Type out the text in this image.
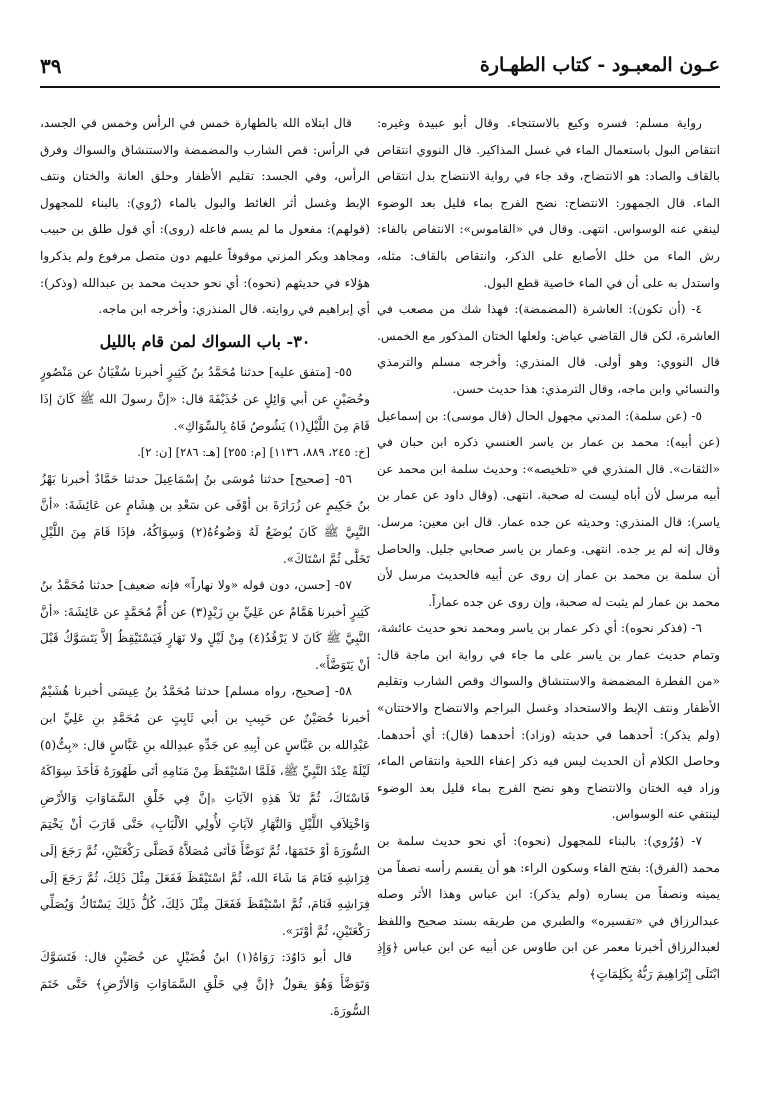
عـون المعبـود - كتاب الطهـارة
٣٩

رواية مسلم: فسره وكيع بالاستنجاء. وقال أبو عبيدة وغيره: انتقاص البول باستعمال الماء في غسل المذاكير. قال النووي انتقاص بالقاف والصاد: هو الانتضاح، وقد جاء في رواية الانتضاح بدل انتقاص الماء. قال الجمهور: الانتضاح: نضح الفرج بماء قليل بعد الوضوء لينفي عنه الوسواس. انتهى. وقال في «القاموس»: الانتفاص بالفاء: رش الماء من خلل الأصابع على الذكر، وانتقاص بالقاف: مثله، واستدل به على أن في الماء خاصية قطع البول.

٤- (أن تكون): العاشرة (المضمضة): فهذا شك من مصعب في العاشرة، لكن قال القاضي عياض: ولعلها الختان المذكور مع الخمس. قال النووي: وهو أولى. قال المنذري: وأخرجه مسلم والترمذي والنسائي وابن ماجه، وقال الترمذي: هذا حديث حسن.

٥- (عن سلمة): المدني مجهول الحال (قال موسى): بن إسماعيل (عن أبيه): محمد بن عمار بن ياسر العنسي ذكره ابن حبان في «الثقات». قال المنذري في «تلخيصه»: وحديث سلمة ابن محمد عن أبيه مرسل لأن أباه ليست له صحبة. انتهى. (وقال داود عن عمار بن ياسر): قال المنذري: وحديثه عن جده عمار. قال ابن معين: مرسل. وقال إنه لم ير جده. انتهى. وعمار بن ياسر صحابي جليل. والحاصل أن سلمة بن محمد بن عمار إن روى عن أبيه فالحديث مرسل لأن محمد بن عمار لم يثبت له صحبة، وإن روى عن جده عماراً.

٦- (فذكر نحوه): أي ذكر عمار بن ياسر ومحمد نحو حديث عائشة، وتمام حديث عمار بن ياسر على ما جاء في رواية ابن ماجة قال: «من الفطرة المضمضة والاستنشاق والسواك وقص الشارب وتقليم الأظفار ونتف الإبط والاستحداد وغسل البراجم والانتضاح والاختتان» (ولم يذكر): أحدهما في حديثه (وزاد): أحدهما (قال): أي أحدهما. وحاصل الكلام أن الحديث ليس فيه ذكر إعفاء اللحية وانتقاص الماء، وزاد فيه الختان والانتضاح وهو نضح الفرج بماء قليل بعد الوضوء لينتفي عنه الوسواس.

٧- (وُرُوي): بالبناء للمجهول (نحوه): أي نحو حديث سلمة بن محمد (الفرق): بفتح الفاء وسكون الراء: هو أن يقسم رأسه نصفاً من يمينه ونصفاً من يساره (ولم يذكر): ابن عباس وهذا الأثر وصله عبدالرزاق في «تفسيره» والطبري من طريقه بسند صحيح واللفظ لعبدالرزاق أخبرنا معمر عن ابن طاوس عن أبيه عن ابن عباس ﴿وَإِذِ ابْتَلَى إِبْرَاهِيمَ رَبُّهُ بِكَلِمَاتٍ﴾

قال ابتلاه الله بالطهارة خمس في الرأس وخمس في الجسد، في الرأس: قص الشارب والمضمضة والاستنشاق والسواك وفرق الرأس، وفي الجسد: تقليم الأظفار وحلق العانة والختان ونتف الإبط وغسل أثر الغائط والبول بالماء (رُوي): بالبناء للمجهول (قولهم): مفعول ما لم يسم فاعله (روى): أي قول طلق بن حبيب ومجاهد وبكر المزني موقوفاً عليهم دون متصل مرفوع ولم يذكروا هؤلاء في حديثهم (نحوه): أي نحو حديث محمد بن عبدالله (وذكر): أي إبراهيم في روايته. قال المنذري: وأخرجه ابن ماجه.

٣٠- باب السواك لمن قام بالليل

٥٥- [متفق عليه] حدثنا مُحَمَّدُ بنُ كَثِيرٍ أخبرنا سُفْيَانُ عن مَنْصُورٍ وحُصَيْنٍ عن أبي وَائِلٍ عن حُذَيْفَةَ قال: «إنَّ رسولَ الله ﷺ كَانَ إذَا قَامَ مِنَ اللَّيْلِ(١) يَشُوصُ فَاهُ بِالسِّوَاكِ».

[خ: ٢٤٥، ٨٨٩، ١١٣٦] [م: ٢٥٥] [هـ: ٢٨٦] [ن: ٢].

٥٦- [صحيح] حدثنا مُوسَى بنُ إسْمَاعِيلَ حدثنا حَمَّادٌ أخبرنا بَهْزُ بنُ حَكِيمٍ عن زُرَارَةَ بن أوْفَى عن سَعْدِ بن هِشَامٍ عن عَائِشَةَ: «أنَّ النَّبِيَّ ﷺ كَانَ يُوضَعُ لَهُ وَضُوءُهُ(٢) وَسِوَاكُهُ، فإذَا قَامَ مِنَ اللَّيْلِ تَخَلَّى ثُمَّ اسْتَاكَ».

٥٧- [حسن، دون قوله «ولا نهاراً» فإنه ضعيف] حدثنا مُحَمَّدُ بنُ كَثِيرٍ أخبرنا هَمَّامٌ عن عَلِيِّ بنِ زَيْدٍ(٣) عن أُمِّ مُحَمَّدٍ عن عَائِشَةَ: «أنَّ النَّبِيَّ ﷺ كَانَ لا يَرْقُدُ(٤) مِنْ لَيْلٍ ولا نَهَارٍ فَيَسْتَيْقِظُ إلاَّ يَتَسَوَّكُ قَبْلَ أنْ يَتَوَضَّأَ».

٥٨- [صحيح، رواه مسلم] حدثنا مُحَمَّدُ بنُ عِيسَى أخبرنا هُشَيْمٌ أخبرنا حُصَيْنٌ عن حَبِيبِ بن أبي ثَابِتٍ عن مُحَمَّدِ بنِ عَلِيِّ ابن عَبْدِالله بن عَبَّاسٍ عن أبِيهِ عن جَدِّهِ عبدِالله بنِ عَبَّاسٍ قال: «بِتُّ(٥) لَيْلَةً عِنْدَ النَّبِيِّ ﷺ، فَلَمَّا اسْتَيْقَظَ مِنْ مَنَامِهِ أتَى طَهُورَهُ فَأخَذَ سِوَاكَهُ فَاسْتَاكَ، ثُمَّ تَلاَ هَذِهِ الآيَاتِ ﴿إنَّ فِي خَلْقِ السَّمَاوَاتِ وَالأرْضِ وَاخْتِلاَفِ اللَّيْلِ وَالنَّهَارِ لآيَاتٍ لأُولِي الألْبَابِ﴾ حَتَّى قَارَبَ أنْ يَخْتِمَ السُّورَةَ أوْ خَتَمَهَا، ثُمَّ تَوَضَّأَ فَأتَى مُصَلاَّهُ فَصَلَّى رَكْعَتَيْنِ، ثُمَّ رَجَعَ إلَى فِرَاشِهِ فَنَامَ مَا شَاءَ الله، ثُمَّ اسْتَيْقَظَ فَفَعَلَ مِثْلَ ذَلِكَ، ثُمَّ رَجَعَ إلَى فِرَاشِهِ فَنَامَ، ثُمَّ اسْتَيْقَظَ فَفَعَلَ مِثْلَ ذَلِكَ، كُلُّ ذَلِكَ يَسْتَاكُ وَيُصَلِّي رَكْعَتَيْنِ، ثُمَّ أوْتَرَ».

قال أبو دَاوُدَ: رَوَاهُ(١) ابنُ فُضَيْلٍ عن حُصَيْنٍ قال: فَتَسَوَّكَ وَتَوَضَّأَ وَهُوَ يقولُ ﴿إنَّ فِي خَلْقِ السَّمَاوَاتِ وَالأرْضِ﴾ حَتَّى خَتَمَ السُّورَةَ.
